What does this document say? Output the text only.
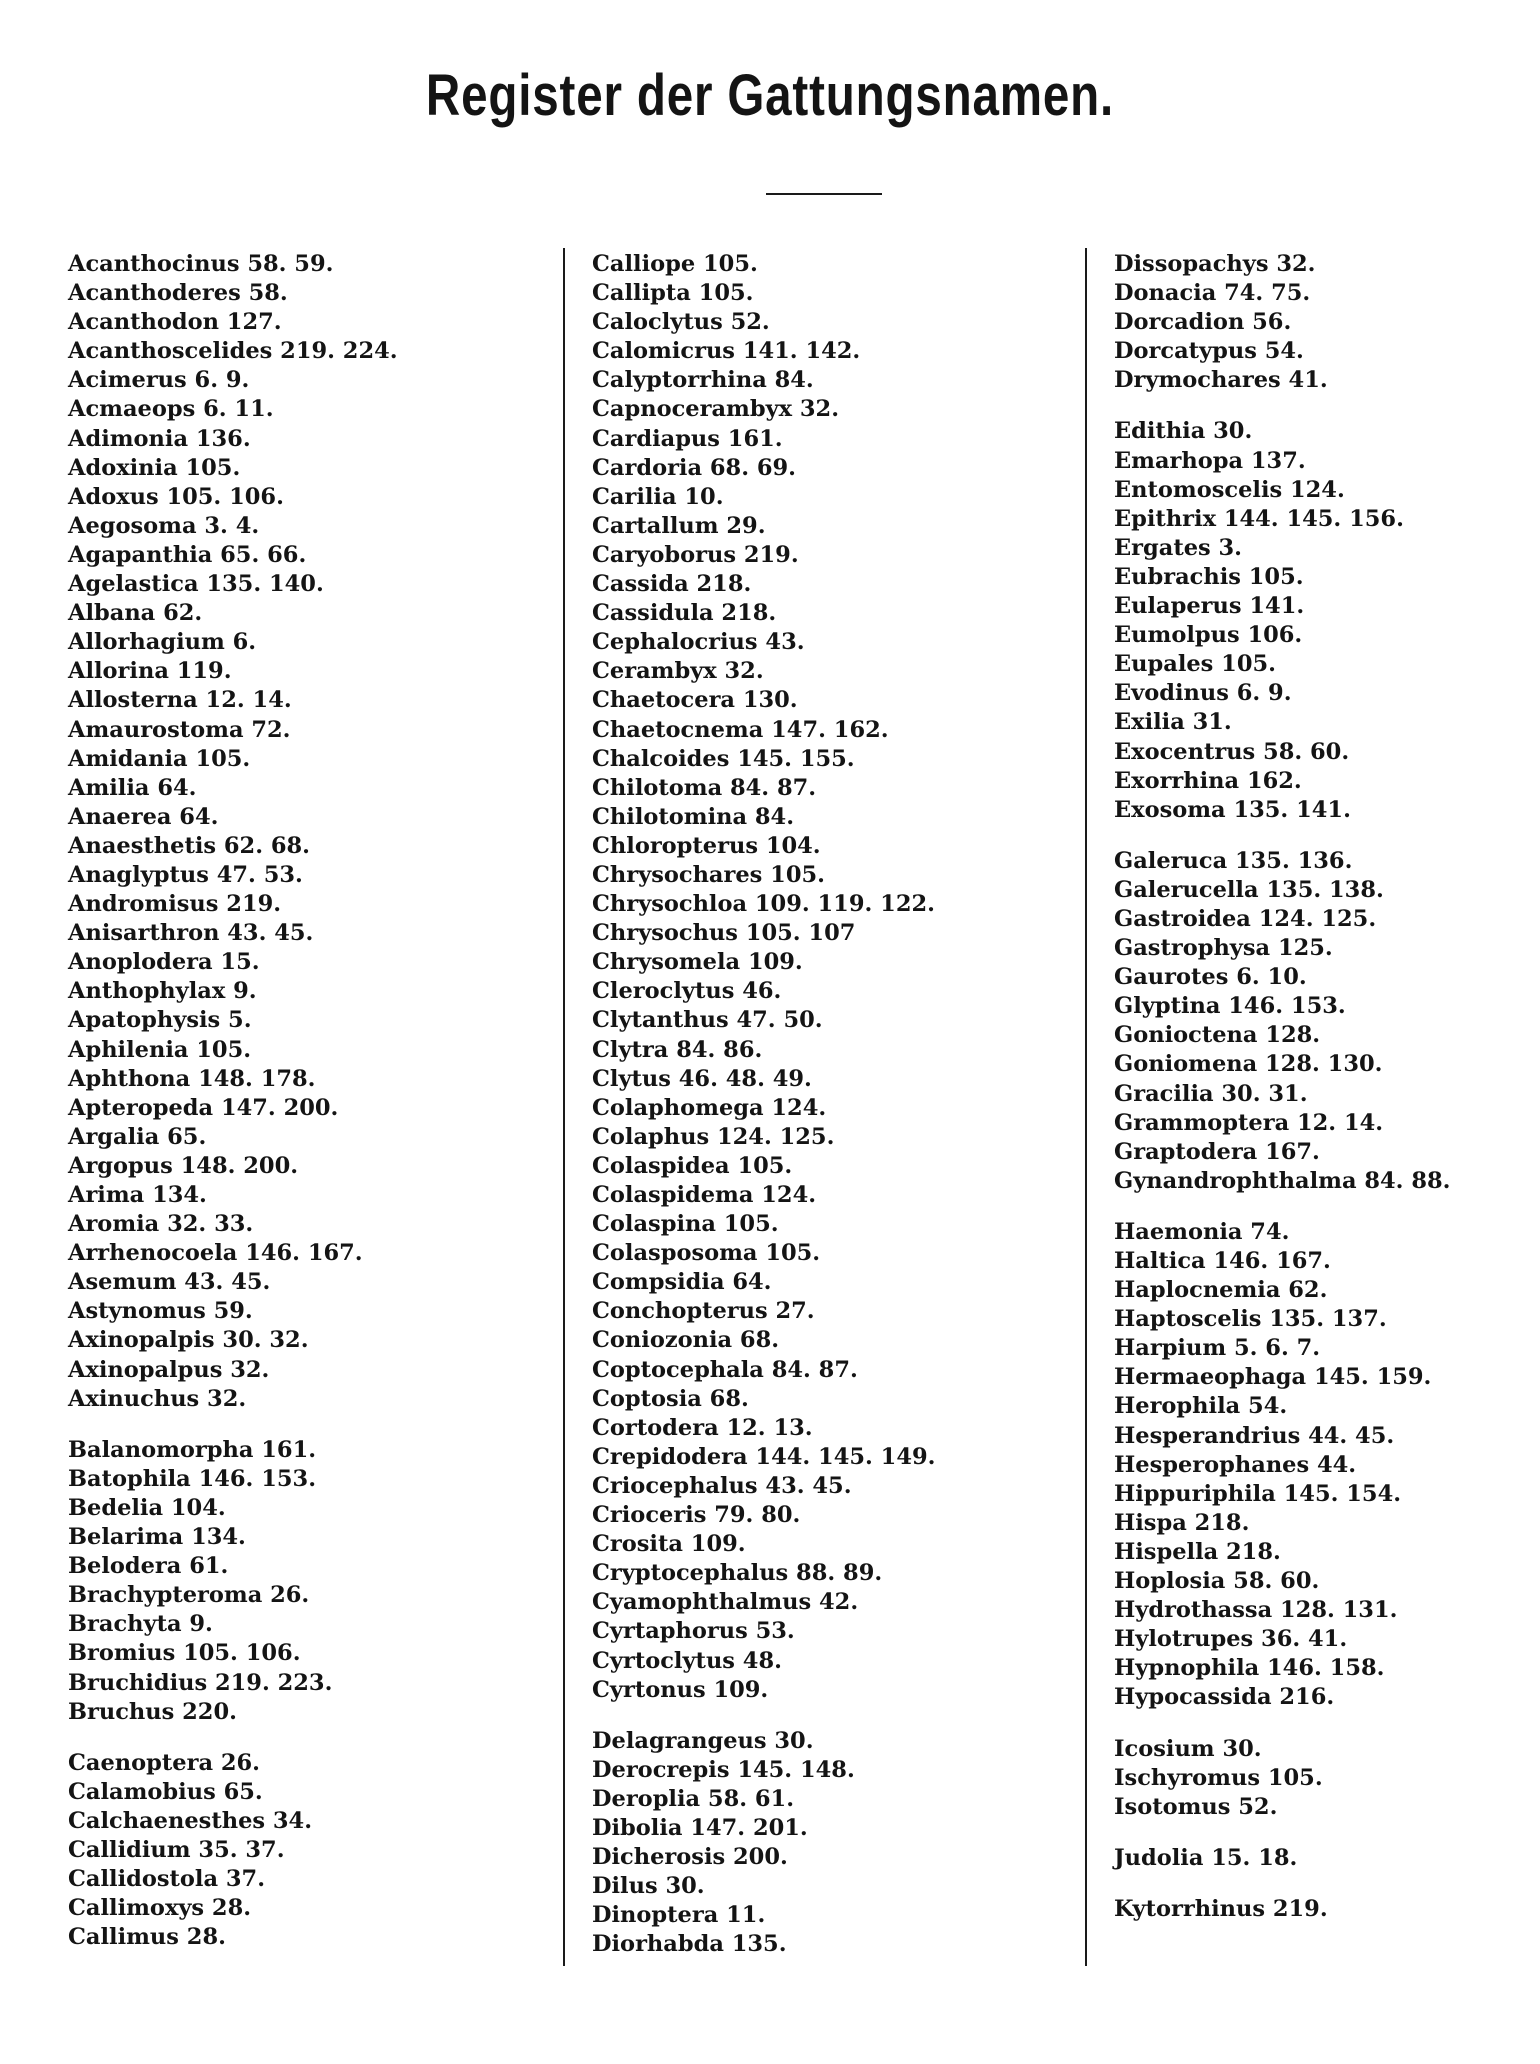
Register der Gattungsnamen.
Acanthocinus 58. 59.
Acanthoderes 58.
Acanthodon 127.
Acanthoscelides 219. 224.
Acimerus 6. 9.
Acmaeops 6. 11.
Adimonia 136.
Adoxinia 105.
Adoxus 105. 106.
Aegosoma 3. 4.
Agapanthia 65. 66.
Agelastica 135. 140.
Albana 62.
Allorhagium 6.
Allorina 119.
Allosterna 12. 14.
Amaurostoma 72.
Amidania 105.
Amilia 64.
Anaerea 64.
Anaesthetis 62. 68.
Anaglyptus 47. 53.
Andromisus 219.
Anisarthron 43. 45.
Anoplodera 15.
Anthophylax 9.
Apatophysis 5.
Aphilenia 105.
Aphthona 148. 178.
Apteropeda 147. 200.
Argalia 65.
Argopus 148. 200.
Arima 134.
Aromia 32. 33.
Arrhenocoela 146. 167.
Asemum 43. 45.
Astynomus 59.
Axinopalpis 30. 32.
Axinopalpus 32.
Axinuchus 32.
Balanomorpha 161.
Batophila 146. 153.
Bedelia 104.
Belarima 134.
Belodera 61.
Brachypteroma 26.
Brachyta 9.
Bromius 105. 106.
Bruchidius 219. 223.
Bruchus 220.
Caenoptera 26.
Calamobius 65.
Calchaenesthes 34.
Callidium 35. 37.
Callidostola 37.
Callimoxys 28.
Callimus 28.
Dissopachys 32.
Donacia 74. 75.
Dorcadion 56.
Dorcatypus 54.
Drymochares 41.
Edithia 30.
Emarhopa 137.
Entomoscelis 124.
Epithrix 144. 145. 156.
Ergates 3.
Eubrachis 105.
Eulaperus 141.
Eumolpus 106.
Eupales 105.
Evodinus 6. 9.
Exilia 31.
Exocentrus 58. 60.
Exorrhina 162.
Exosoma 135. 141.
Galeruca 135. 136.
Galerucella 135. 138.
Gastroidea 124. 125.
Gastrophysa 125.
Gaurotes 6. 10.
Glyptina 146. 153.
Gonioctena 128.
Goniomena 128. 130.
Gracilia 30. 31.
Grammoptera 12. 14.
Graptodera 167.
Gynandrophthalma 84. 88.
Haemonia 74.
Haltica 146. 167.
Haplocnemia 62.
Haptoscelis 135. 137.
Harpium 5. 6. 7.
Hermaeophaga 145. 159.
Herophila 54.
Hesperandrius 44. 45.
Hesperophanes 44.
Hippuriphila 145. 154.
Hispa 218.
Hispella 218.
Hoplosia 58. 60.
Hydrothassa 128. 131.
Hylotrupes 36. 41.
Hypnophila 146. 158.
Hypocassida 216.
Icosium 30.
Ischyromus 105.
Isotomus 52.
Judolia 15. 18.
Kytorrhinus 219.
Calliope 105.
Callipta 105.
Caloclytus 52.
Calomicrus 141. 142.
Calyptorrhina 84.
Capnocerambyx 32.
Cardiapus 161.
Cardoria 68. 69.
Carilia 10.
Cartallum 29.
Caryoborus 219.
Cassida 218.
Cassidula 218.
Cephalocrius 43.
Cerambyx 32.
Chaetocera 130.
Chaetocnema 147. 162.
Chalcoides 145. 155.
Chilotoma 84. 87.
Chilotomina 84.
Chloropterus 104.
Chrysochares 105.
Chrysochloa 109. 119. 122.
Chrysochus 105. 107
Chrysomela 109.
Cleroclytus 46.
Clytanthus 47. 50.
Clytra 84. 86.
Clytus 46. 48. 49.
Colaphomega 124.
Colaphus 124. 125.
Colaspidea 105.
Colaspidema 124.
Colaspina 105.
Colasposoma 105.
Compsidia 64.
Conchopterus 27.
Coniozonia 68.
Coptocephala 84. 87.
Coptosia 68.
Cortodera 12. 13.
Crepidodera 144. 145. 149.
Criocephalus 43. 45.
Crioceris 79. 80.
Crosita 109.
Cryptocephalus 88. 89.
Cyamophthalmus 42.
Cyrtaphorus 53.
Cyrtoclytus 48.
Cyrtonus 109.
Delagrangeus 30.
Derocrepis 145. 148.
Deroplia 58. 61.
Dibolia 147. 201.
Dicherosis 200.
Dilus 30.
Dinoptera 11.
Diorhabda 135.
